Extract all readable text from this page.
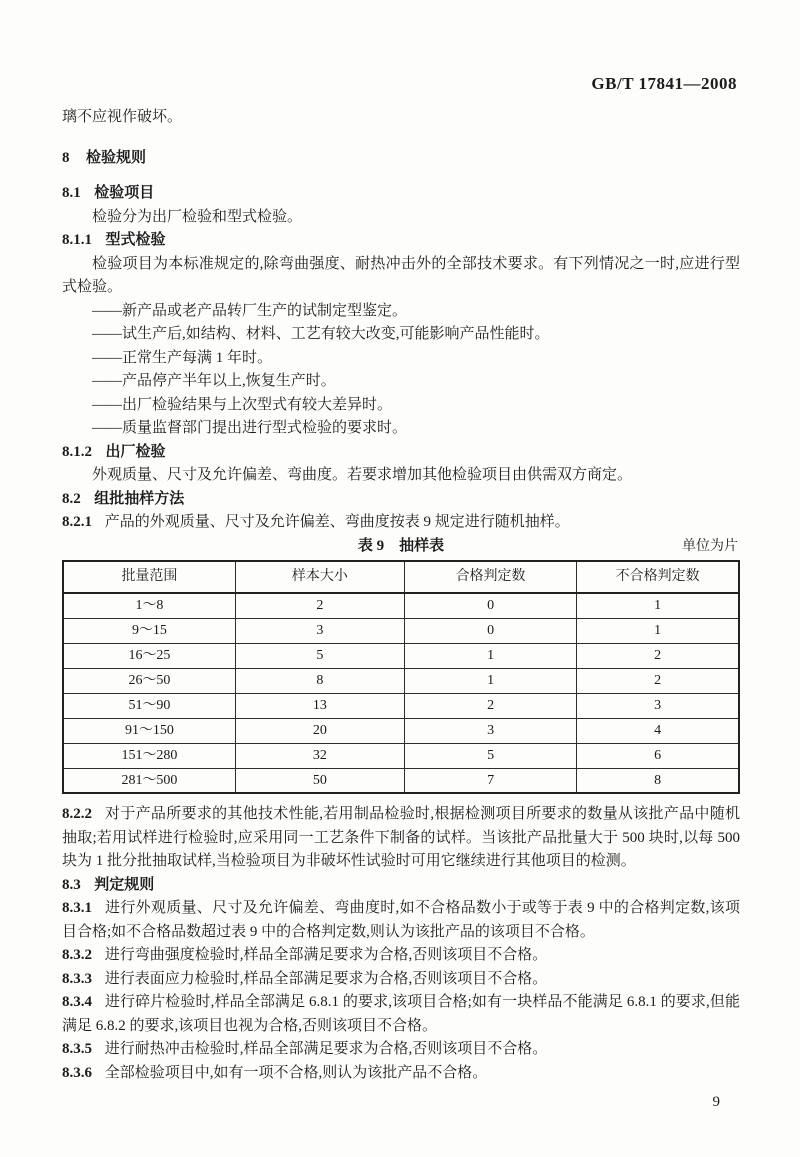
GB/T 17841—2008
璃不应视作破坏。
8 检验规则
8.1 检验项目
检验分为出厂检验和型式检验。
8.1.1 型式检验
检验项目为本标准规定的,除弯曲强度、耐热冲击外的全部技术要求。有下列情况之一时,应进行型式检验。
——新产品或老产品转厂生产的试制定型鉴定。
——试生产后,如结构、材料、工艺有较大改变,可能影响产品性能时。
——正常生产每满 1 年时。
——产品停产半年以上,恢复生产时。
——出厂检验结果与上次型式有较大差异时。
——质量监督部门提出进行型式检验的要求时。
8.1.2 出厂检验
外观质量、尺寸及允许偏差、弯曲度。若要求增加其他检验项目由供需双方商定。
8.2 组批抽样方法
8.2.1 产品的外观质量、尺寸及允许偏差、弯曲度按表 9 规定进行随机抽样。
表 9　抽样表	单位为片
批量范围	样本大小	合格判定数	不合格判定数
1～8	2	0	1
9～15	3	0	1
16～25	5	1	2
26～50	8	1	2
51～90	13	2	3
91～150	20	3	4
151～280	32	5	6
281～500	50	7	8
8.2.2 对于产品所要求的其他技术性能,若用制品检验时,根据检测项目所要求的数量从该批产品中随机抽取;若用试样进行检验时,应采用同一工艺条件下制备的试样。当该批产品批量大于 500 块时,以每 500 块为 1 批分批抽取试样,当检验项目为非破坏性试验时可用它继续进行其他项目的检测。
8.3 判定规则
8.3.1 进行外观质量、尺寸及允许偏差、弯曲度时,如不合格品数小于或等于表 9 中的合格判定数,该项目合格;如不合格品数超过表 9 中的合格判定数,则认为该批产品的该项目不合格。
8.3.2 进行弯曲强度检验时,样品全部满足要求为合格,否则该项目不合格。
8.3.3 进行表面应力检验时,样品全部满足要求为合格,否则该项目不合格。
8.3.4 进行碎片检验时,样品全部满足 6.8.1 的要求,该项目合格;如有一块样品不能满足 6.8.1 的要求,但能满足 6.8.2 的要求,该项目也视为合格,否则该项目不合格。
8.3.5 进行耐热冲击检验时,样品全部满足要求为合格,否则该项目不合格。
8.3.6 全部检验项目中,如有一项不合格,则认为该批产品不合格。
9
